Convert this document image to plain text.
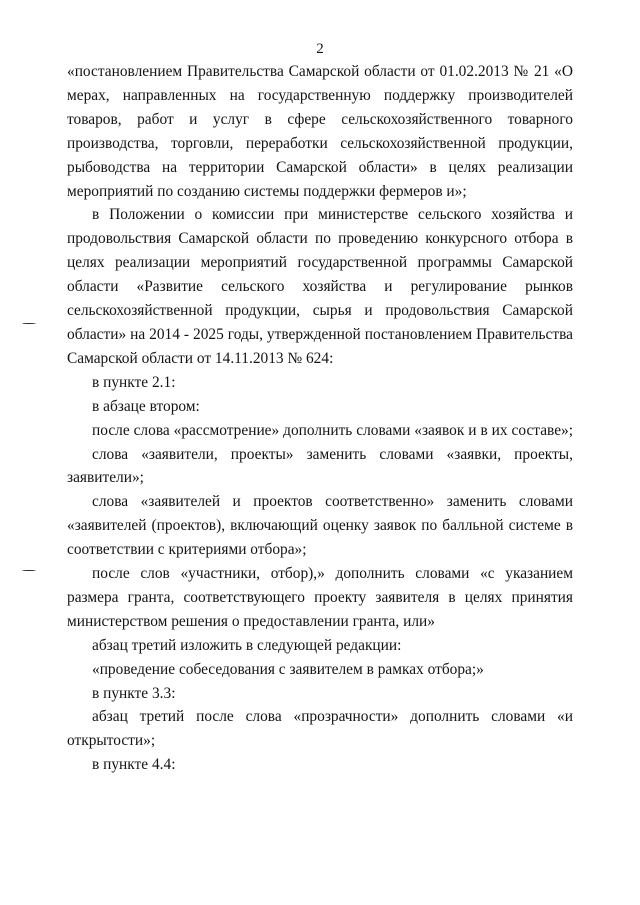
2

«постановлением Правительства Самарской области от 01.02.2013 № 21 «О

мерах, направленных на государственную поддержку производителей

товаров, работ и услуг в сфере сельскохозяйственного товарного

производства, торговли, переработки сельскохозяйственной продукции,

рыбоводства на территории Самарской области» в целях реализации

мероприятий по созданию системы поддержки фермеров и»;

в Положении о комиссии при министерстве сельского хозяйства и

продовольствия Самарской области по проведению конкурсного отбора в

целях реализации мероприятий государственной программы Самарской

области «Развитие сельского хозяйства и регулирование рынков

сельскохозяйственной продукции, сырья и продовольствия Самарской

области» на 2014 - 2025 годы, утвержденной постановлением Правительства

Самарской области от 14.11.2013 № 624:

в пункте 2.1:

в абзаце втором:

после слова «рассмотрение» дополнить словами «заявок и в их составе»;

слова «заявители, проекты» заменить словами «заявки, проекты,

заявители»;

слова «заявителей и проектов соответственно» заменить словами

«заявителей (проектов), включающий оценку заявок по балльной системе в

соответствии с критериями отбора»;

после слов «участники, отбор),» дополнить словами «с указанием

размера гранта, соответствующего проекту заявителя в целях принятия

министерством решения о предоставлении гранта, или»

абзац третий изложить в следующей редакции:

«проведение собеседования с заявителем в рамках отбора;»

в пункте 3.3:

абзац третий после слова «прозрачности» дополнить словами «и

открытости»;

в пункте 4.4:
